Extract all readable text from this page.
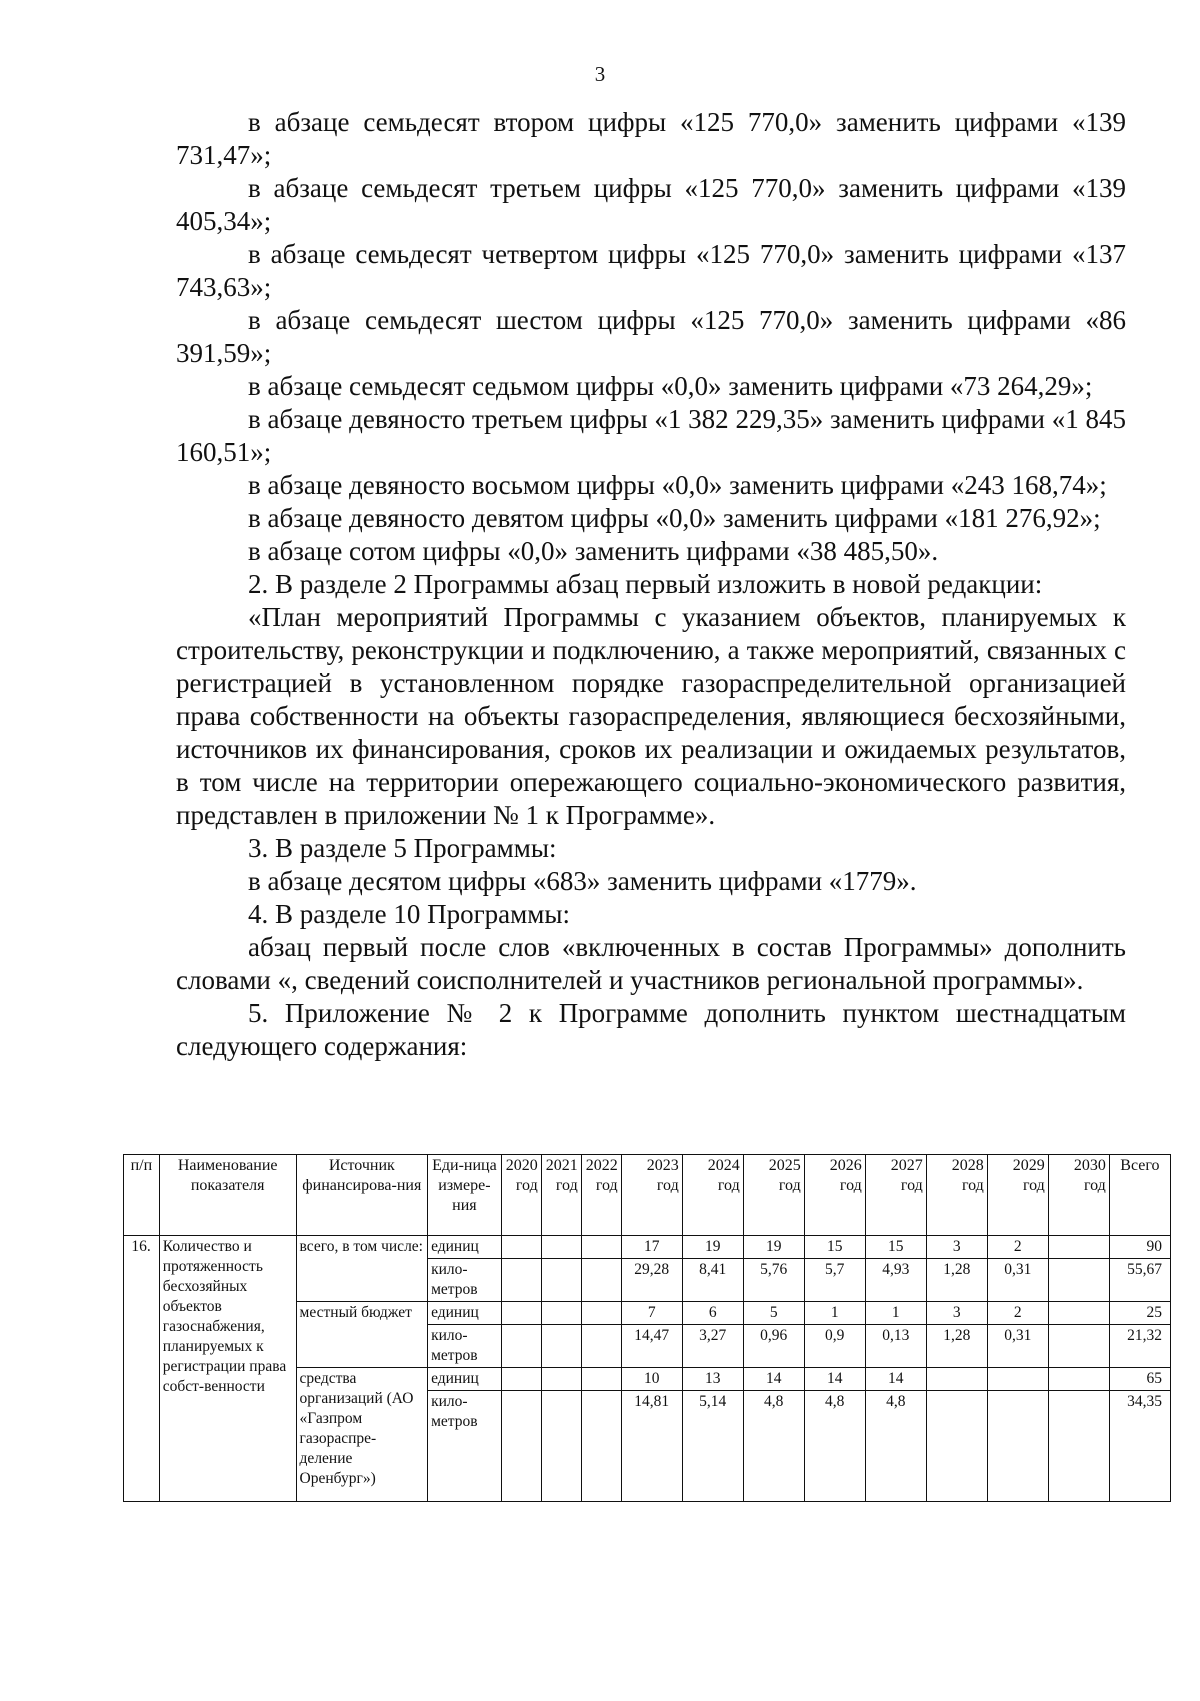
3

в абзаце семьдесят втором цифры «125 770,0» заменить цифрами «139 731,47»;

в абзаце семьдесят третьем цифры «125 770,0» заменить цифрами «139 405,34»;

в абзаце семьдесят четвертом цифры «125 770,0» заменить цифрами «137 743,63»;

в абзаце семьдесят шестом цифры «125 770,0» заменить цифрами «86 391,59»;

в абзаце семьдесят седьмом цифры «0,0» заменить цифрами «73 264,29»;

в абзаце девяносто третьем цифры «1 382 229,35» заменить цифрами «1 845 160,51»;

в абзаце девяносто восьмом цифры «0,0» заменить цифрами «243 168,74»;

в абзаце девяносто девятом цифры «0,0» заменить цифрами «181 276,92»;

в абзаце сотом цифры «0,0» заменить цифрами «38 485,50».

2. В разделе 2 Программы абзац первый изложить в новой редакции:

«План мероприятий Программы с указанием объектов, планируемых к строительству, реконструкции и подключению, а также мероприятий, связанных с регистрацией в установленном порядке газораспределительной организацией права собственности на объекты газораспределения, являющиеся бесхозяйными, источников их финансирования, сроков их реализации и ожидаемых результатов, в том числе на территории опережающего социально-экономического развития, представлен в приложении № 1 к Программе».

3. В разделе 5 Программы:

в абзаце десятом цифры «683» заменить цифрами «1779».

4. В разделе 10 Программы:

абзац первый после слов «включенных в состав Программы» дополнить словами «, сведений соисполнителей и участников региональной программы».

5. Приложение № 2 к Программе дополнить пунктом шестнадцатым следующего содержания:

п/п	Наименование показателя	Источник финансирова-ния	Еди-ница измере-ния	2020 год	2021 год	2022 год	2023 год	2024 год	2025 год	2026 год	2027 год	2028 год	2029 год	2030 год	Всего
16.	Количество и протяженность бесхозяйных объектов газоснабжения, планируемых к регистрации права собст-венности	всего, в том числе:	единиц				17	19	19	15	15	3	2		90
			кило-метров				29,28	8,41	5,76	5,7	4,93	1,28	0,31		55,67
		местный бюджет	единиц				7	6	5	1	1	3	2		25
			кило-метров				14,47	3,27	0,96	0,9	0,13	1,28	0,31		21,32
		средства организаций (АО «Газпром газораспре-деление Оренбург»)	единиц				10	13	14	14	14				65
			кило-метров				14,81	5,14	4,8	4,8	4,8				34,35
